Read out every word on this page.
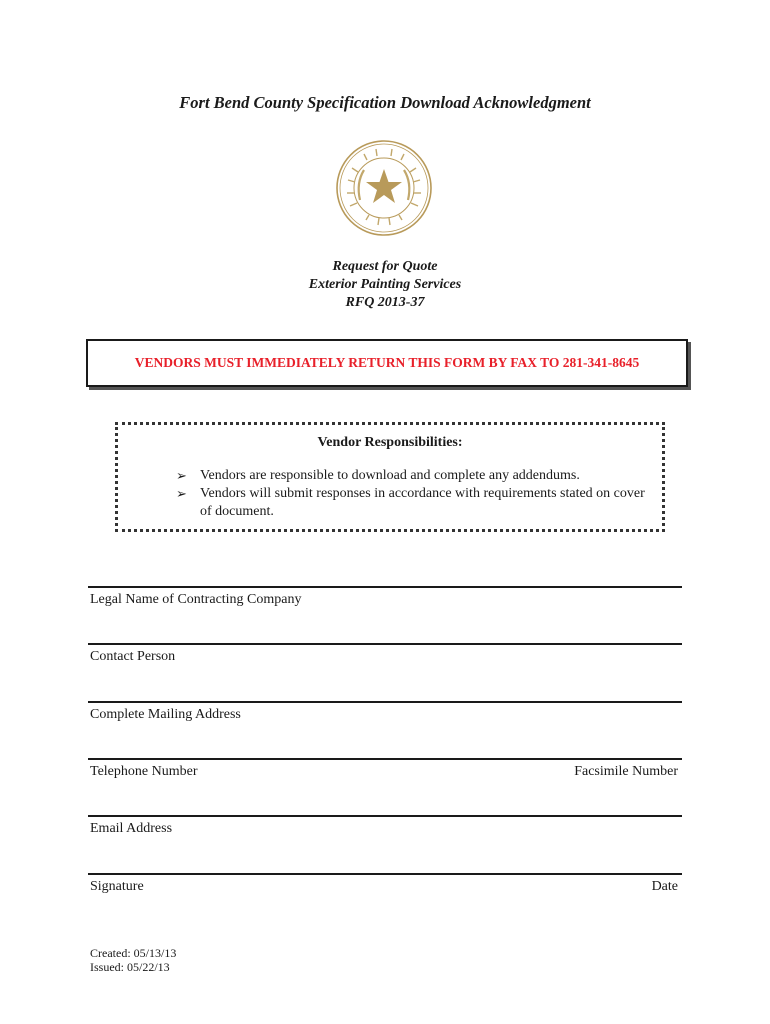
Fort Bend County Specification Download Acknowledgment
Request for Quote
Exterior Painting Services
RFQ 2013-37
VENDORS MUST IMMEDIATELY RETURN THIS FORM BY FAX TO 281-341-8645
Vendor Responsibilities:
➢ Vendors are responsible to download and complete any addendums.
➢ Vendors will submit responses in accordance with requirements stated on cover of document.
Legal Name of Contracting Company
Contact Person
Complete Mailing Address
Telephone Number	Facsimile Number
Email Address
Signature	Date
Created: 05/13/13
Issued: 05/22/13
